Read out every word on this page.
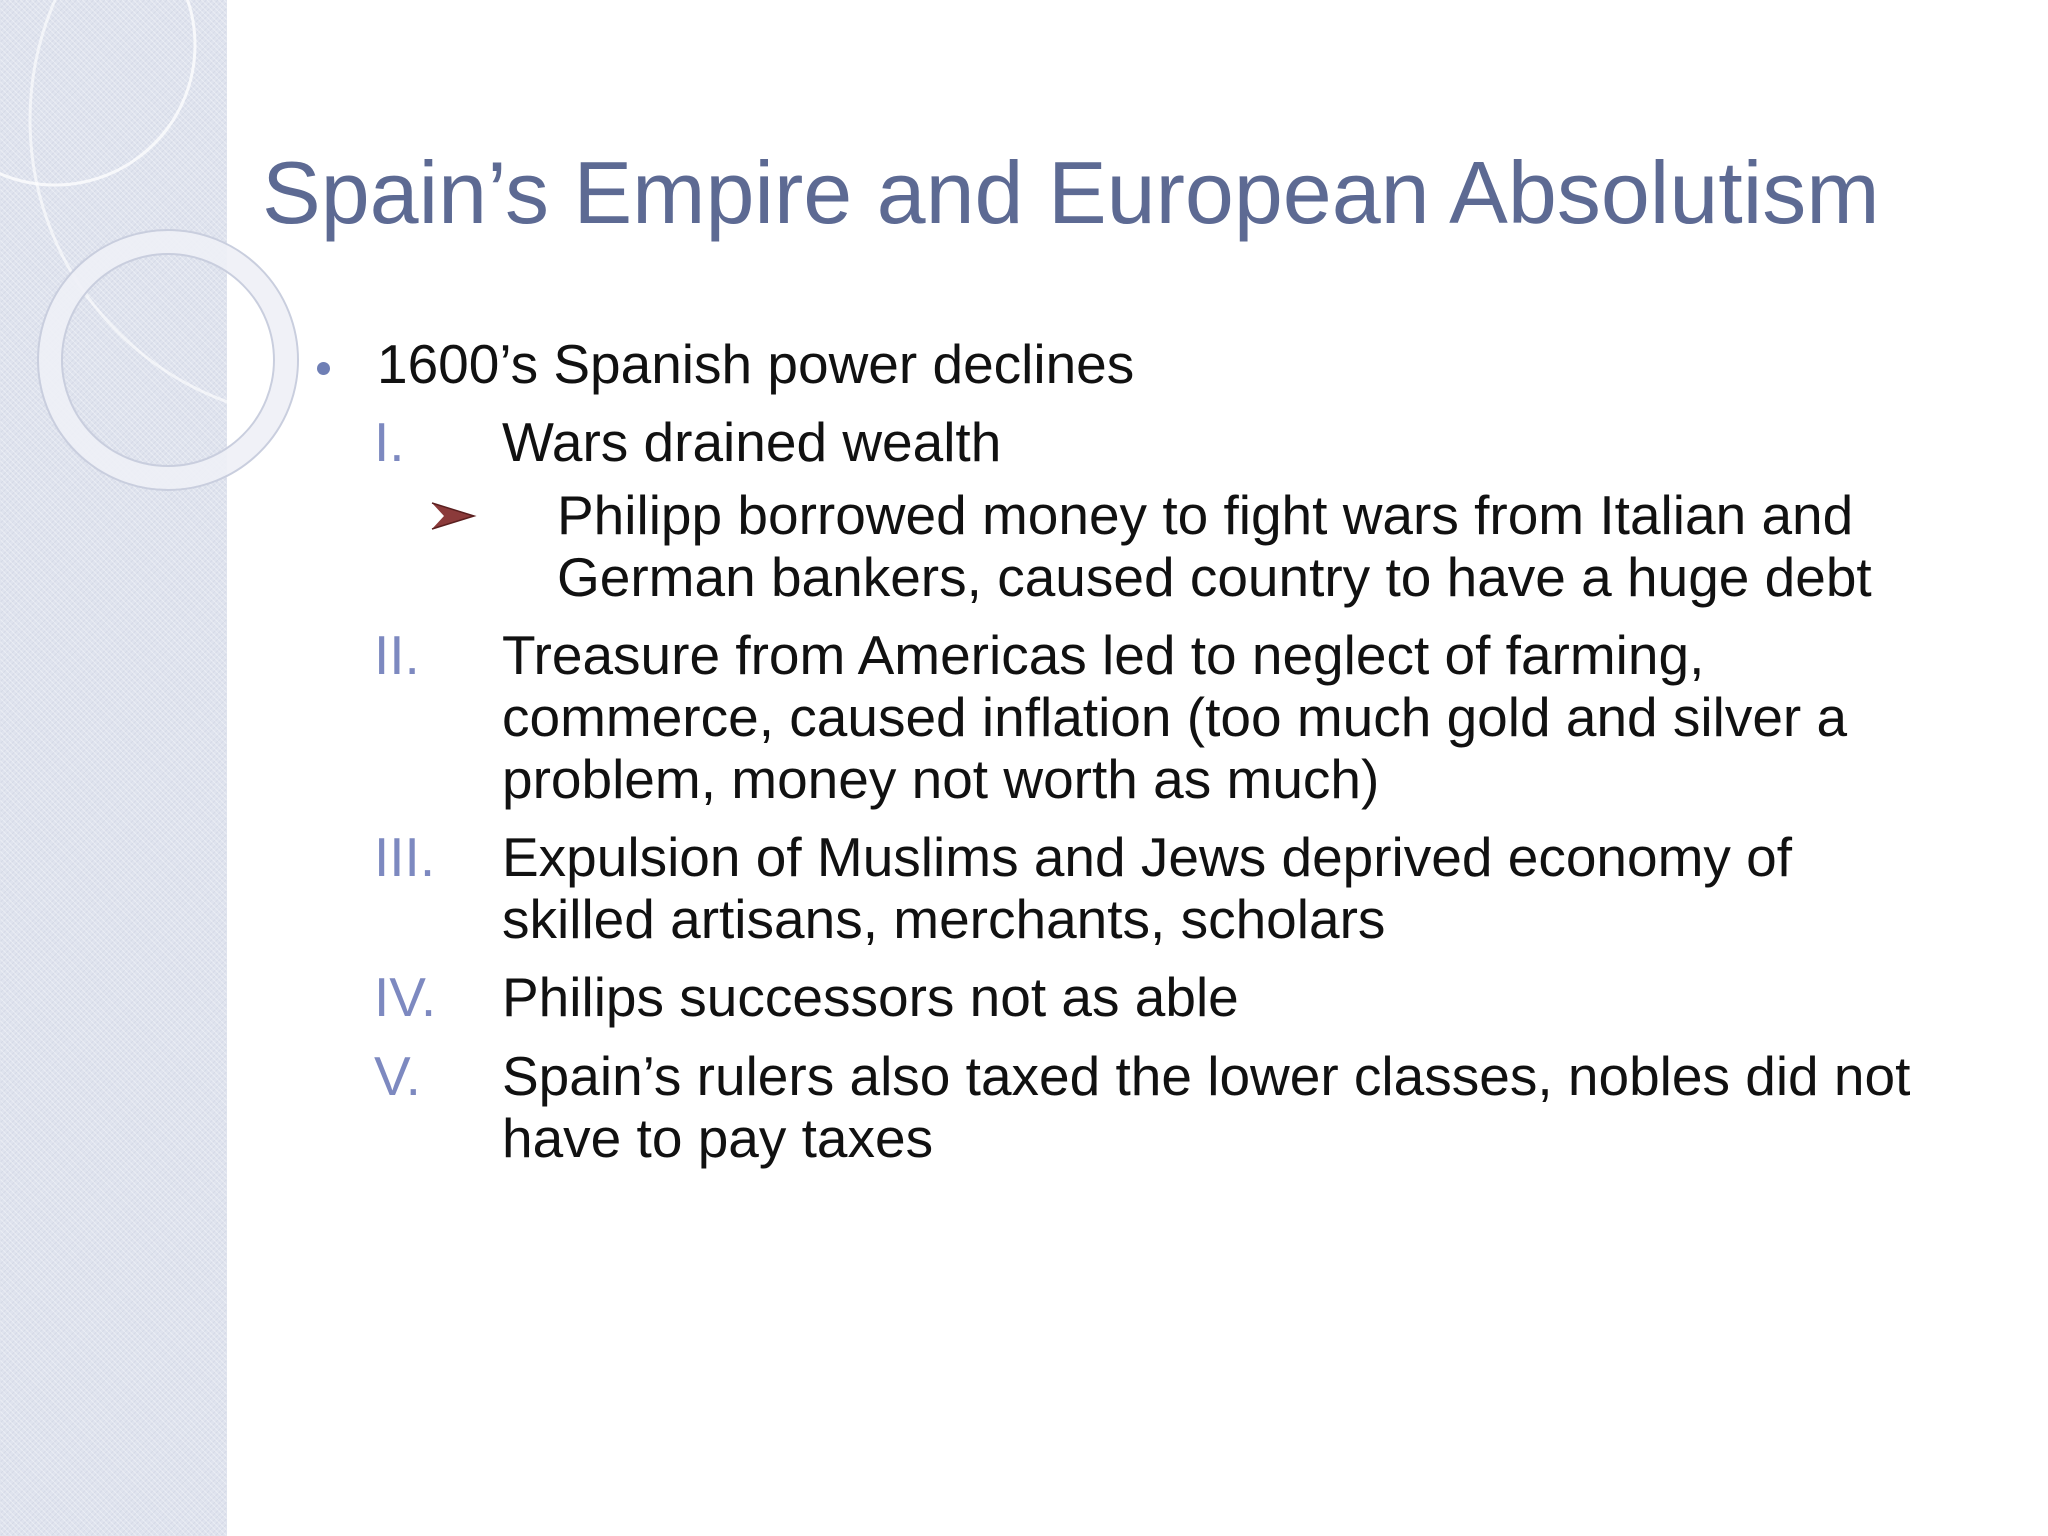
Spain’s Empire and European Absolutism

1600’s Spanish power declines

I. Wars drained wealth

Philipp borrowed money to fight wars from Italian and

German bankers, caused country to have a huge debt

II. Treasure from Americas led to neglect of farming,

commerce, caused inflation (too much gold and silver a

problem, money not worth as much)

III. Expulsion of Muslims and Jews deprived economy of

skilled artisans, merchants, scholars

IV. Philips successors not as able

V. Spain’s rulers also taxed the lower classes, nobles did not

have to pay taxes
